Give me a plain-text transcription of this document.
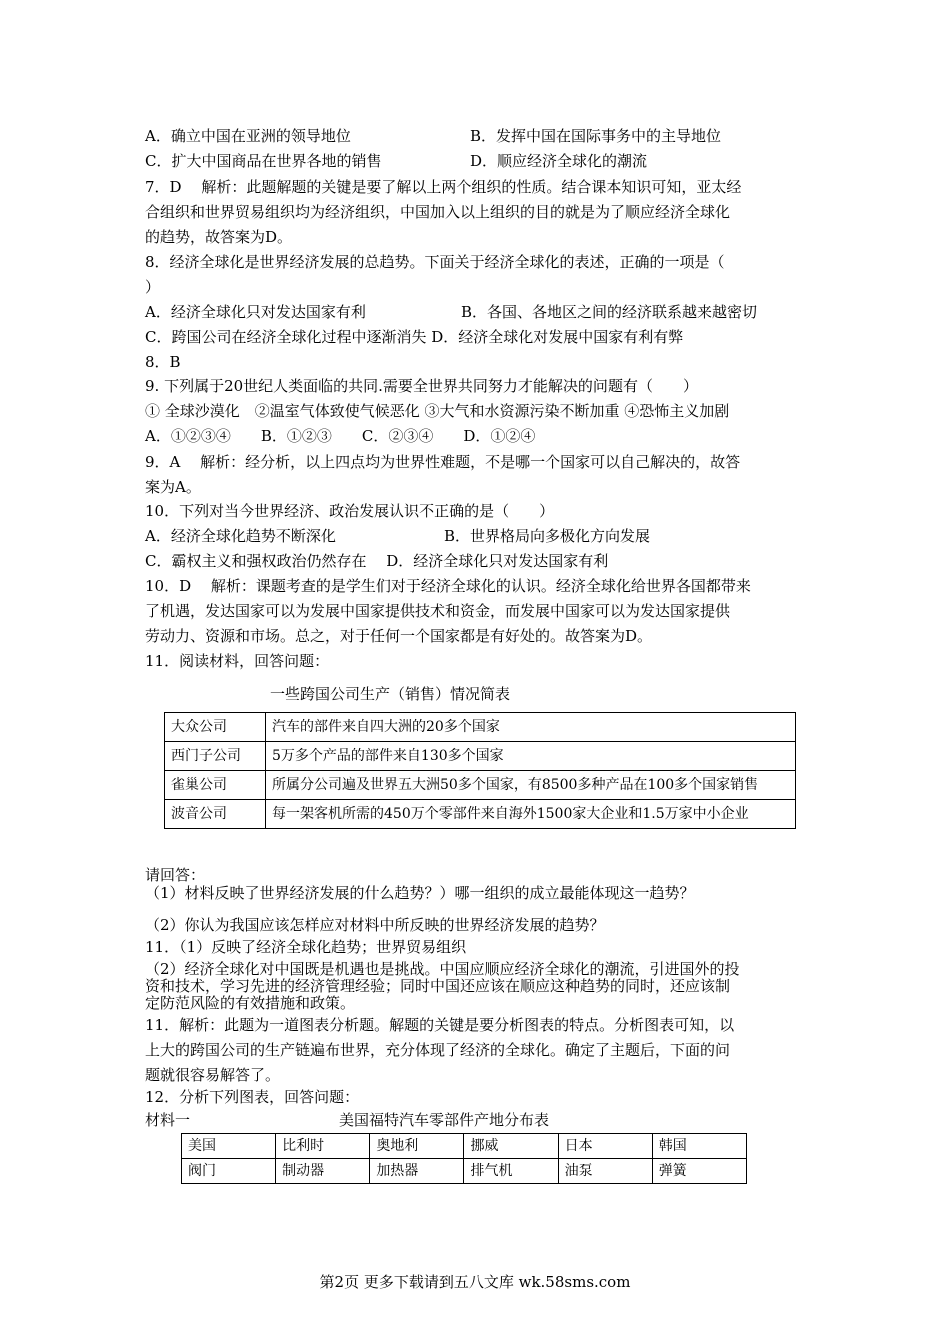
A．确立中国在亚洲的领导地位	B．发挥中国在国际事务中的主导地位
C．扩大中国商品在世界各地的销售	D．顺应经济全球化的潮流
7．D　 解析：此题解题的关键是要了解以上两个组织的性质。结合课本知识可知，亚太经
合组织和世界贸易组织均为经济组织，中国加入以上组织的目的就是为了顺应经济全球化
的趋势，故答案为D。
8．经济全球化是世界经济发展的总趋势。下面关于经济全球化的表述，正确的一项是（
）
A．经济全球化只对发达国家有利	B．各国、各地区之间的经济联系越来越密切
C．跨国公司在经济全球化过程中逐渐消失 D．经济全球化对发展中国家有利有弊
8．B
9. 下列属于20世纪人类面临的共同.需要全世界共同努力才能解决的问题有（　　）
① 全球沙漠化　②温室气体致使气候恶化 ③大气和水资源污染不断加重 ④恐怖主义加剧
A．①②③④　　B．①②③　　C．②③④　　D．①②④
9．A　 解析：经分析，以上四点均为世界性难题，不是哪一个国家可以自己解决的，故答
案为A。
10．下列对当今世界经济、政治发展认识不正确的是（　　）
A．经济全球化趋势不断深化	B．世界格局向多极化方向发展
C．霸权主义和强权政治仍然存在　 D．经济全球化只对发达国家有利
10．D　 解析：课题考查的是学生们对于经济全球化的认识。经济全球化给世界各国都带来
了机遇，发达国家可以为发展中国家提供技术和资金，而发展中国家可以为发达国家提供
劳动力、资源和市场。总之，对于任何一个国家都是有好处的。故答案为D。
11．阅读材料，回答问题：
一些跨国公司生产（销售）情况简表
大众公司	汽车的部件来自四大洲的20多个国家
西门子公司	5万多个产品的部件来自130多个国家
雀巢公司	所属分公司遍及世界五大洲50多个国家，有8500多种产品在100多个国家销售
波音公司	每一架客机所需的450万个零部件来自海外1500家大企业和1.5万家中小企业
请回答：
（1）材料反映了世界经济发展的什么趋势？）哪一组织的成立最能体现这一趋势？
（2）你认为我国应该怎样应对材料中所反映的世界经济发展的趋势？
11．（1）反映了经济全球化趋势；世界贸易组织
（2）经济全球化对中国既是机遇也是挑战。中国应顺应经济全球化的潮流，引进国外的投
资和技术，学习先进的经济管理经验；同时中国还应该在顺应这种趋势的同时，还应该制
定防范风险的有效措施和政策。
11．解析：此题为一道图表分析题。解题的关键是要分析图表的特点。分析图表可知，以
上大的跨国公司的生产链遍布世界，充分体现了经济的全球化。确定了主题后，下面的问
题就很容易解答了。
12．分析下列图表，回答问题：
材料一	美国福特汽车零部件产地分布表
美国	比利时	奥地利	挪威	日本	韩国
阀门	制动器	加热器	排气机	油泵	弹簧
第2页 更多下载请到五八文库 wk.58sms.com
